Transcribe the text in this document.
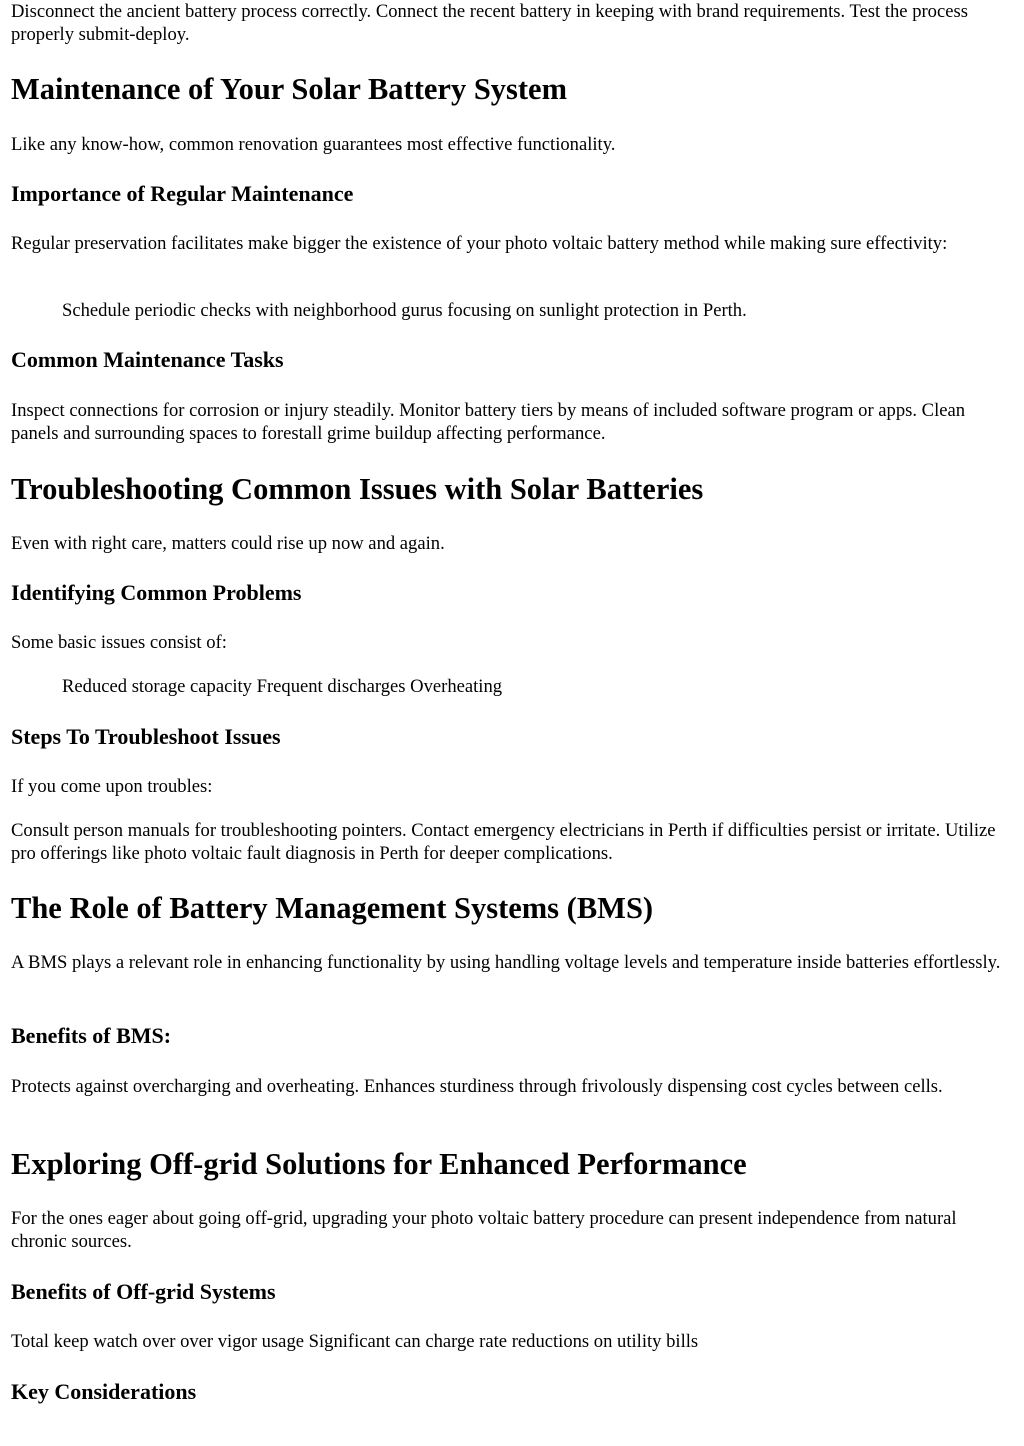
Disconnect the ancient battery process correctly. Connect the recent battery in keeping with brand requirements. Test the process properly submit-deploy.

Maintenance of Your Solar Battery System

Like any know-how, common renovation guarantees most effective functionality.

Importance of Regular Maintenance

Regular preservation facilitates make bigger the existence of your photo voltaic battery method while making sure effectivity:

Schedule periodic checks with neighborhood gurus focusing on sunlight protection in Perth.
Common Maintenance Tasks

Inspect connections for corrosion or injury steadily. Monitor battery tiers by means of included software program or apps. Clean panels and surrounding spaces to forestall grime buildup affecting performance.

Troubleshooting Common Issues with Solar Batteries

Even with right care, matters could rise up now and again.

Identifying Common Problems

Some basic issues consist of:

Reduced storage capacity Frequent discharges Overheating
Steps To Troubleshoot Issues

If you come upon troubles:

Consult person manuals for troubleshooting pointers. Contact emergency electricians in Perth if difficulties persist or irritate. Utilize pro offerings like photo voltaic fault diagnosis in Perth for deeper complications.

The Role of Battery Management Systems (BMS)

A BMS plays a relevant role in enhancing functionality by using handling voltage levels and temperature inside batteries effortlessly.

Benefits of BMS:

Protects against overcharging and overheating. Enhances sturdiness through frivolously dispensing cost cycles between cells.

Exploring Off-grid Solutions for Enhanced Performance

For the ones eager about going off-grid, upgrading your photo voltaic battery procedure can present independence from natural chronic sources.

Benefits of Off-grid Systems

Total keep watch over over vigor usage Significant can charge rate reductions on utility bills

Key Considerations
